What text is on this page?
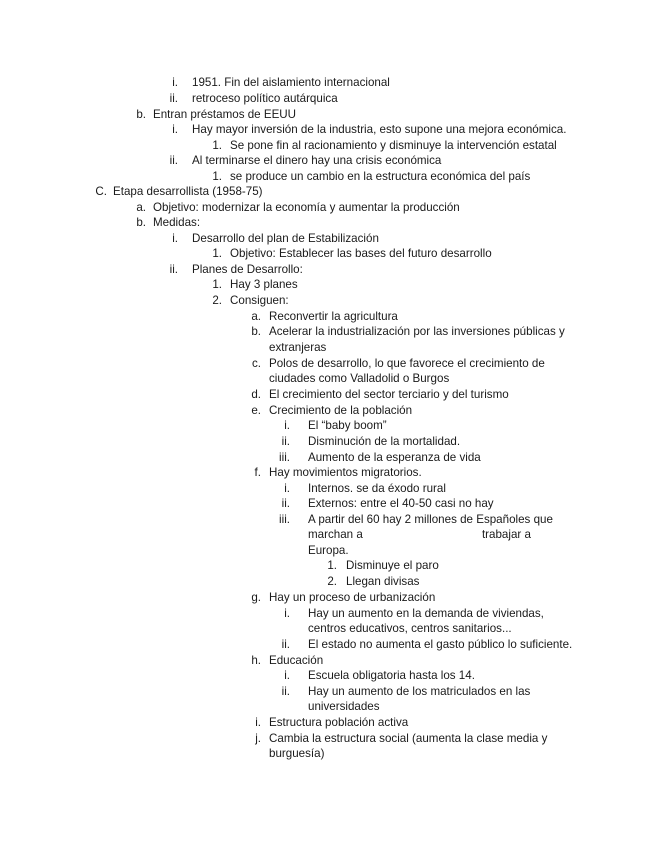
i. 1951. Fin del aislamiento internacional
ii. retroceso político autárquica
b. Entran préstamos de EEUU
i. Hay mayor inversión de la industria, esto supone una mejora económica.
1. Se pone fin al racionamiento y disminuye la intervención estatal
ii. Al terminarse el dinero hay una crisis económica
1. se produce un cambio en la estructura económica del país
C. Etapa desarrollista (1958-75)
a. Objetivo: modernizar la economía y aumentar la producción
b. Medidas:
i. Desarrollo del plan de Estabilización
1. Objetivo: Establecer las bases del futuro desarrollo
ii. Planes de Desarrollo:
1. Hay 3 planes
2. Consiguen:
a. Reconvertir la agricultura
b. Acelerar la industrialización por las inversiones públicas y
extranjeras
c. Polos de desarrollo, lo que favorece el crecimiento de
ciudades como Valladolid o Burgos
d. El crecimiento del sector terciario y del turismo
e. Crecimiento de la población
i. El “baby boom”
ii. Disminución de la mortalidad.
iii. Aumento de la esperanza de vida
f. Hay movimientos migratorios.
i. Internos. se da éxodo rural
ii. Externos: entre el 40-50 casi no hay
iii. A partir del 60 hay 2 millones de Españoles que
marchan a                                     trabajar a
Europa.
1. Disminuye el paro
2. Llegan divisas
g. Hay un proceso de urbanización
i. Hay un aumento en la demanda de viviendas,
centros educativos, centros sanitarios...
ii. El estado no aumenta el gasto público lo suficiente.
h. Educación
i. Escuela obligatoria hasta los 14.
ii. Hay un aumento de los matriculados en las
universidades
i. Estructura población activa
j. Cambia la estructura social (aumenta la clase media y
burguesía)
